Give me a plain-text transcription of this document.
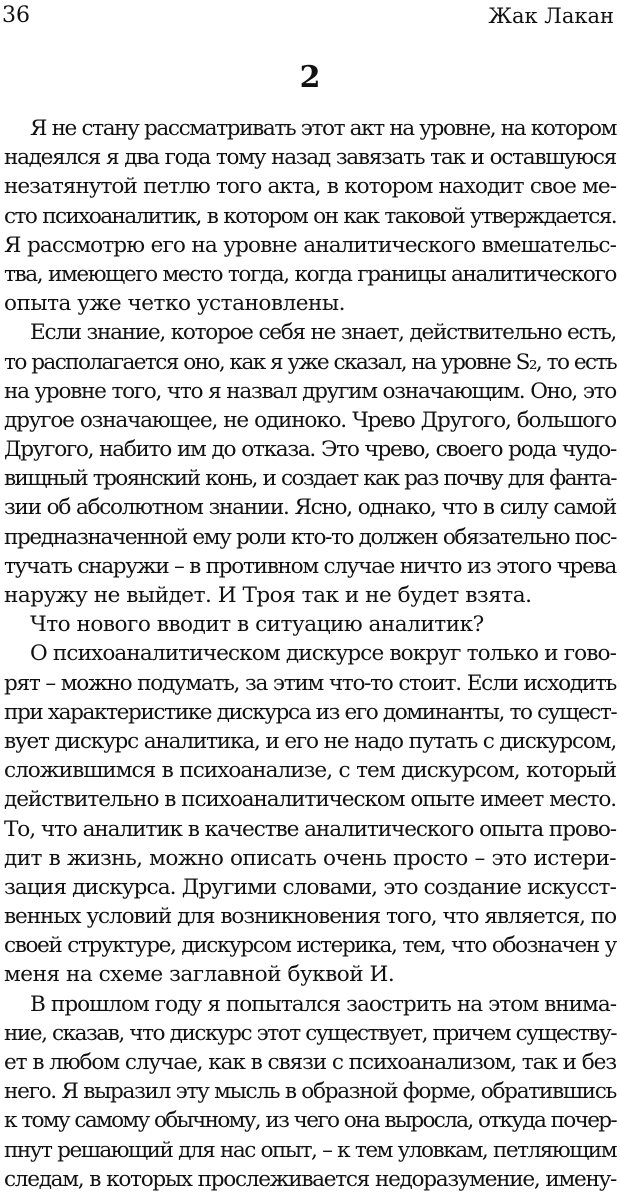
36	Жак Лакан
2

Я не стану рассматривать этот акт на уровне, на котором
надеялся я два года тому назад завязать так и оставшуюся
незатянутой петлю того акта, в котором находит свое ме-
сто психоаналитик, в котором он как таковой утверждается.
Я рассмотрю его на уровне аналитического вмешательс-
тва, имеющего место тогда, когда границы аналитического
опыта уже четко установлены.

Если знание, которое себя не знает, действительно есть,
то располагается оно, как я уже сказал, на уровне S₂, то есть
на уровне того, что я назвал другим означающим. Оно, это
другое означающее, не одиноко. Чрево Другого, большого
Другого, набито им до отказа. Это чрево, своего рода чудо-
вищный троянский конь, и создает как раз почву для фанта-
зии об абсолютном знании. Ясно, однако, что в силу самой
предназначенной ему роли кто-то должен обязательно пос-
тучать снаружи – в противном случае ничто из этого чрева
наружу не выйдет. И Троя так и не будет взята.

Что нового вводит в ситуацию аналитик?

О психоаналитическом дискурсе вокруг только и гово-
рят – можно подумать, за этим что-то стоит. Если исходить
при характеристике дискурса из его доминанты, то сущест-
вует дискурс аналитика, и его не надо путать с дискурсом,
сложившимся в психоанализе, с тем дискурсом, который
действительно в психоаналитическом опыте имеет место.
То, что аналитик в качестве аналитического опыта прово-
дит в жизнь, можно описать очень просто – это истери-
зация дискурса. Другими словами, это создание искусст-
венных условий для возникновения того, что является, по
своей структуре, дискурсом истерика, тем, что обозначен у
меня на схеме заглавной буквой И.

В прошлом году я попытался заострить на этом внима-
ние, сказав, что дискурс этот существует, причем существу-
ет в любом случае, как в связи с психоанализом, так и без
него. Я выразил эту мысль в образной форме, обратившись
к тому самому обычному, из чего она выросла, откуда почер-
пнут решающий для нас опыт, – к тем уловкам, петляющим
следам, в которых прослеживается недоразумение, имену-
